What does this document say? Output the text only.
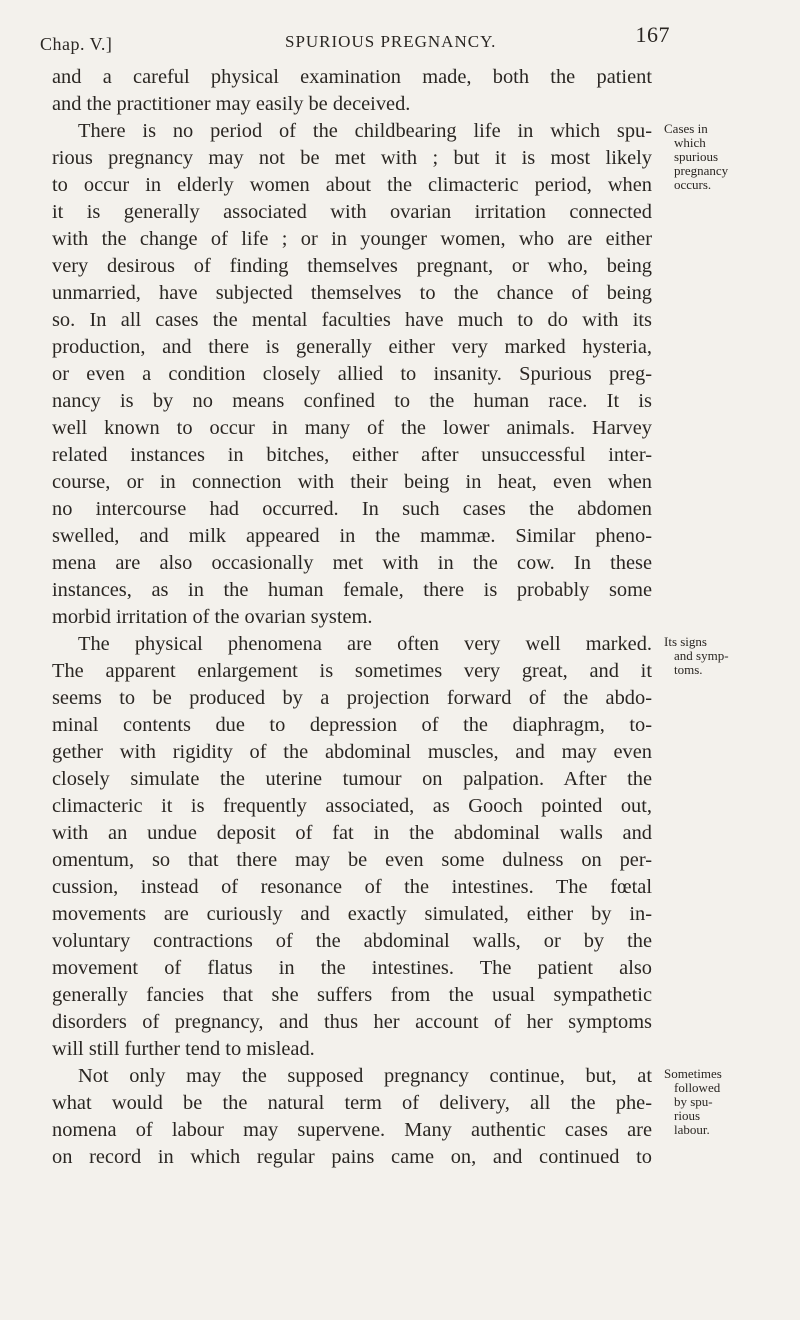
Chap. V.]	SPURIOUS PREGNANCY.	167
and a careful physical examination made, both the patient
and the practitioner may easily be deceived.
There is no period of the childbearing life in which spu-
rious pregnancy may not be met with ; but it is most likely
to occur in elderly women about the climacteric period, when
it is generally associated with ovarian irritation connected
with the change of life ; or in younger women, who are either
very desirous of finding themselves pregnant, or who, being
unmarried, have subjected themselves to the chance of being
so. In all cases the mental faculties have much to do with its
production, and there is generally either very marked hysteria,
or even a condition closely allied to insanity. Spurious preg-
nancy is by no means confined to the human race. It is
well known to occur in many of the lower animals. Harvey
related instances in bitches, either after unsuccessful inter-
course, or in connection with their being in heat, even when
no intercourse had occurred. In such cases the abdomen
swelled, and milk appeared in the mammæ. Similar pheno-
mena are also occasionally met with in the cow. In these
instances, as in the human female, there is probably some
morbid irritation of the ovarian system.
The physical phenomena are often very well marked.
The apparent enlargement is sometimes very great, and it
seems to be produced by a projection forward of the abdo-
minal contents due to depression of the diaphragm, to-
gether with rigidity of the abdominal muscles, and may even
closely simulate the uterine tumour on palpation. After the
climacteric it is frequently associated, as Gooch pointed out,
with an undue deposit of fat in the abdominal walls and
omentum, so that there may be even some dulness on per-
cussion, instead of resonance of the intestines. The fœtal
movements are curiously and exactly simulated, either by in-
voluntary contractions of the abdominal walls, or by the
movement of flatus in the intestines. The patient also
generally fancies that she suffers from the usual sympathetic
disorders of pregnancy, and thus her account of her symptoms
will still further tend to mislead.
Not only may the supposed pregnancy continue, but, at
what would be the natural term of delivery, all the phe-
nomena of labour may supervene. Many authentic cases are
on record in which regular pains came on, and continued to
Cases in
which
spurious
pregnancy
occurs.
Its signs
and symp-
toms.
Sometimes
followed
by spu-
rious
labour.
